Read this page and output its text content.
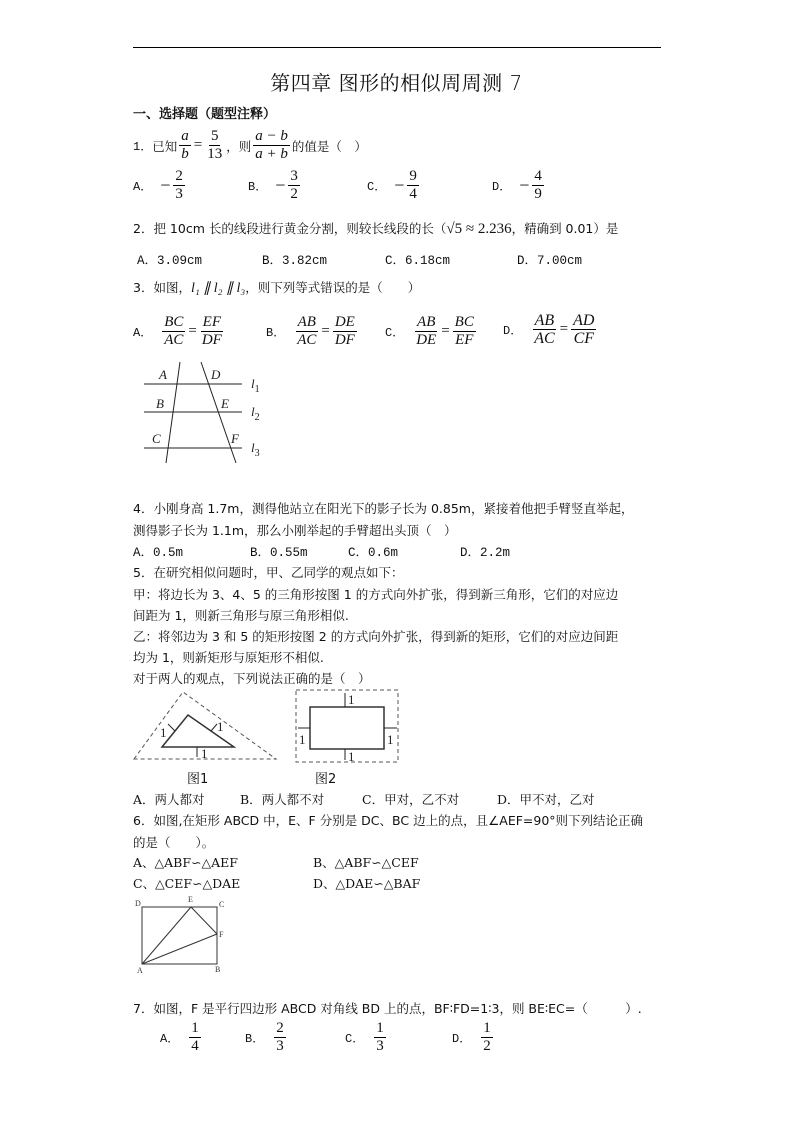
第四章 图形的相似周周测 7
一、选择题（题型注释）
1． 已知 $\frac{a}{b} = \frac{5}{13}$ ，则 $\frac{a - b}{a + b}$ 的值是（　）
A． − $\frac{2}{3}$	B． − $\frac{3}{2}$	C． − $\frac{9}{4}$	D． − $\frac{4}{9}$
2．把 10cm 长的线段进行黄金分割，则较长线段的长（√5 ≈ 2.236，精确到 0.01）是
A．3.09cm	B．3.82cm	C．6.18cm	D．7.00cm
3．如图，l₁ ∥ l₂ ∥ l₃，则下列等式错误的是（　　）
A． $\frac{BC}{AC} = \frac{EF}{DF}$	B． $\frac{AB}{AC} = \frac{DE}{DF}$ C． $\frac{AB}{DE} = \frac{BC}{EF}$ D． $\frac{AB}{AC} = \frac{AD}{CF}$
A
B
C
D
E
F
$l_1$
$l_2$
$l_3$
4．小刚身高 1.7m，测得他站立在阳光下的影子长为 0.85m，紧接着他把手臂竖直举起，
测得影子长为 1.1m，那么小刚举起的手臂超出头顶（　）
A．0.5m	B．0.55m	C．0.6m	D．2.2m
5．在研究相似问题时，甲、乙同学的观点如下：
甲：将边长为 3、4、5 的三角形按图 1 的方式向外扩张，得到新三角形，它们的对应边
间距为 1，则新三角形与原三角形相似.
乙：将邻边为 3 和 5 的矩形按图 2 的方式向外扩张，得到新的矩形，它们的对应边间距
均为 1，则新矩形与原矩形不相似.
对于两人的观点，下列说法正确的是（　）
1	1
1
1
1
1	1
图1	图2
A．两人都对	B．两人都不对	C．甲对，乙不对	D．甲不对，乙对
6．如图,在矩形 ABCD 中，E、F 分别是 DC、BC 边上的点，且∠AEF=90°则下列结论正确
的是（　　）。
A、△ABF∽△AEF	B、△ABF∽△CEF
C、△CEF∽△DAE	D、△DAE∽△BAF
A	B
C
D	E
F
7．如图，F 是平行四边形 ABCD 对角线 BD 上的点，BF∶FD=1∶3，则 BE∶EC=（　　　）.
A． $\frac{1}{4}$	B． $\frac{2}{3}$	C． $\frac{1}{3}$	D． $\frac{1}{2}$
